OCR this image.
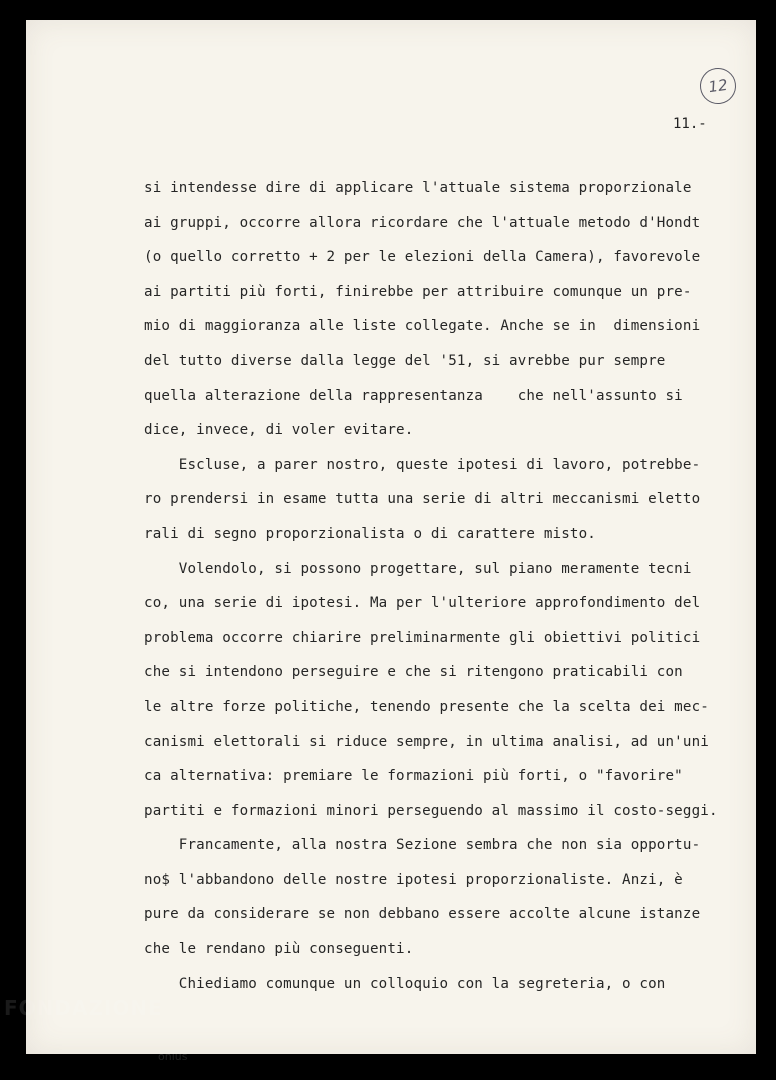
12
11.-
si intendesse dire di applicare l'attuale sistema proporzionale
ai gruppi, occorre allora ricordare che l'attuale metodo d'Hondt
(o quello corretto + 2 per le elezioni della Camera), favorevole
ai partiti più forti, finirebbe per attribuire comunque un pre-
mio di maggioranza alle liste collegate. Anche se in  dimensioni
del tutto diverse dalla legge del '51, si avrebbe pur sempre
quella alterazione della rappresentanza    che nell'assunto si
dice, invece, di voler evitare.
Escluse, a parer nostro, queste ipotesi di lavoro, potrebbe-
ro prendersi in esame tutta una serie di altri meccanismi eletto
rali di segno proporzionalista o di carattere misto.
Volendolo, si possono progettare, sul piano meramente tecni
co, una serie di ipotesi. Ma per l'ulteriore approfondimento del
problema occorre chiarire preliminarmente gli obiettivi politici
che si intendono perseguire e che si ritengono praticabili con
le altre forze politiche, tenendo presente che la scelta dei mec-
canismi elettorali si riduce sempre, in ultima analisi, ad un'uni
ca alternativa: premiare le formazioni più forti, o "favorire"
partiti e formazioni minori perseguendo al massimo il costo-seggi.
Francamente, alla nostra Sezione sembra che non sia opportu-
no$ l'abbandono delle nostre ipotesi proporzionaliste. Anzi, è
pure da considerare se non debbano essere accolte alcune istanze
che le rendano più conseguenti.
Chiediamo comunque un colloquio con la segreteria, o con
FONDAZIONE
onlus
